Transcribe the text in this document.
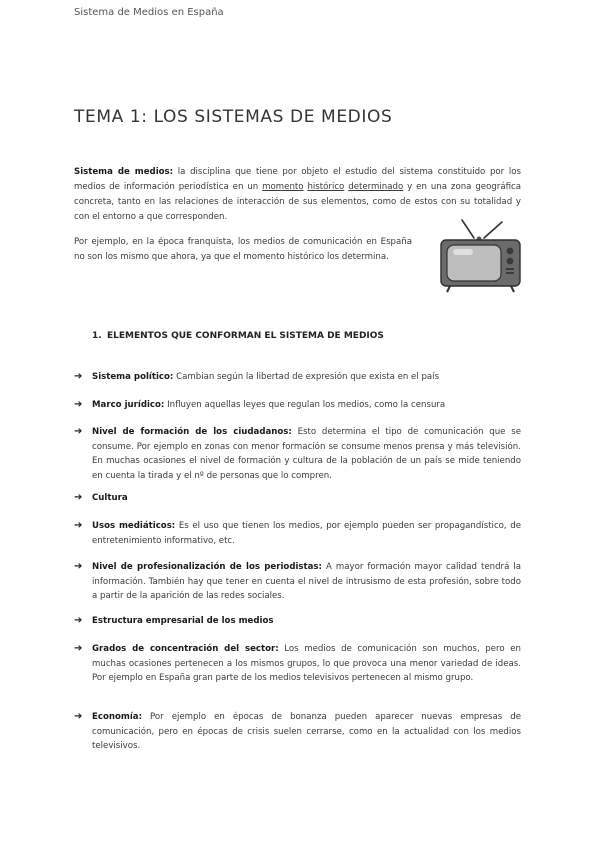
Sistema de Medios en España
TEMA 1: LOS SISTEMAS DE MEDIOS

Sistema de medios: la disciplina que tiene por objeto el estudio del sistema constituido por los medios de información periodística en un momento histórico determinado y en una zona geográfica concreta, tanto en las relaciones de interacción de sus elementos, como de estos con su totalidad y con el entorno a que corresponden.

Por ejemplo, en la época franquista, los medios de comunicación en España no son los mismo que ahora, ya que el momento histórico los determina.

1. ELEMENTOS QUE CONFORMAN EL SISTEMA DE MEDIOS
➔ Sistema político: Cambian según la libertad de expresión que exista en el país
➔ Marco jurídico: Influyen aquellas leyes que regulan los medios, como la censura
➔ Nivel de formación de los ciudadanos: Esto determina el tipo de comunicación que se consume. Por ejemplo en zonas con menor formación se consume menos prensa y más televisión. En muchas ocasiones el nivel de formación y cultura de la población de un país se mide teniendo en cuenta la tirada y el nº de personas que lo compren.
➔ Cultura
➔ Usos mediáticos: Es el uso que tienen los medios, por ejemplo pueden ser propagandístico, de entretenimiento informativo, etc.
➔ Nivel de profesionalización de los periodistas: A mayor formación mayor calidad tendrá la información. También hay que tener en cuenta el nivel de intrusismo de esta profesión, sobre todo a partir de la aparición de las redes sociales.
➔ Estructura empresarial de los medios
➔ Grados de concentración del sector: Los medios de comunicación son muchos, pero en muchas ocasiones pertenecen a los mismos grupos, lo que provoca una menor variedad de ideas. Por ejemplo en España gran parte de los medios televisivos pertenecen al mismo grupo.
➔ Economía: Por ejemplo en épocas de bonanza pueden aparecer nuevas empresas de comunicación, pero en épocas de crisis suelen cerrarse, como en la actualidad con los medios televisivos.
